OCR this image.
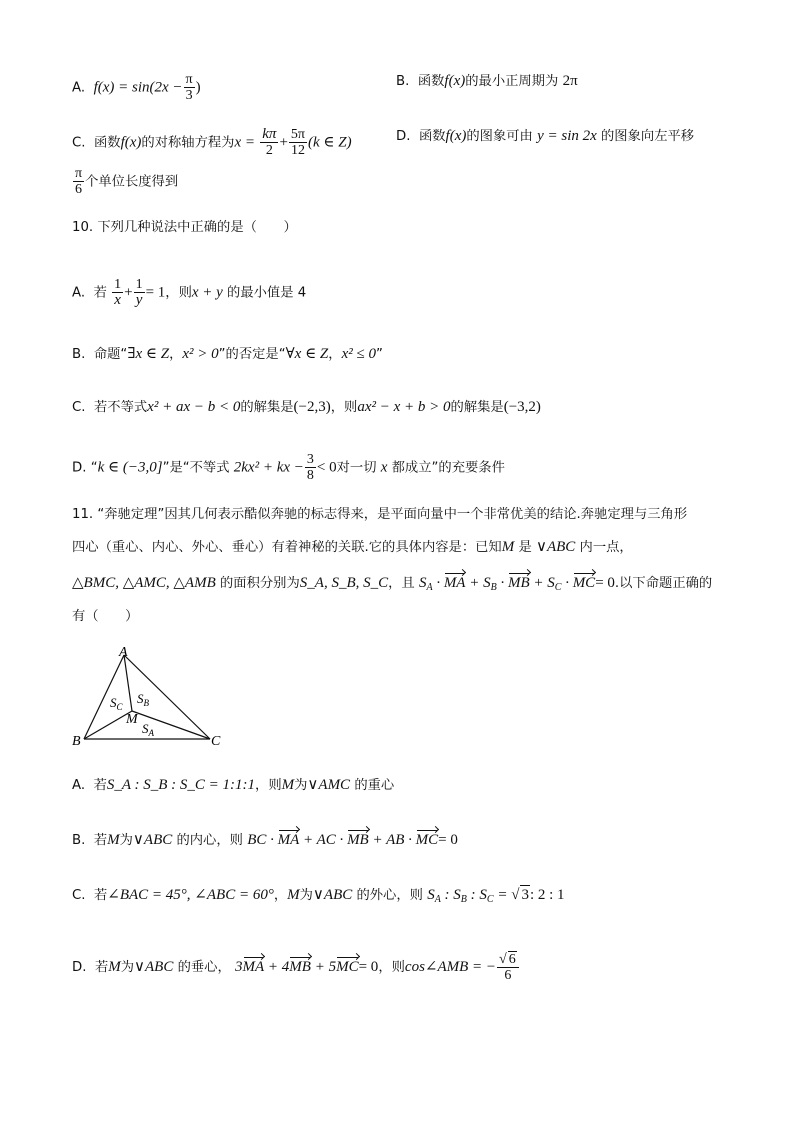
A. $f(x) = \sin(2x - \frac{\pi}{3}$ )	B. 函数f(x)的最小正周期为 2π
C. 函数f(x)的对称轴方程为$x = \frac{k\pi}{2} + \frac{5\pi}{12} (k$ ∈ Z)	D. 函数f(x)的图象可由 y = sin 2x 的图象向左平移
$\frac{\pi}{6}$ 个单位长度得到
10. 下列几种说法中正确的是（　　）
A. 若 $\frac{1}{x} + \frac{1}{y} = 1$，则x + y 的最小值是 4
B. 命题“∃x ∈ Z，x² > 0”的否定是“∀x ∈ Z，x² ≤ 0”
C. 若不等式x² + ax − b < 0的解集是(−2,3)，则ax² − x + b > 0的解集是(−3,2)
D. “k ∈ (−3,0]”是“不等式 2kx² + kx − $\frac{3}{8} < 0$对一切 x 都成立”的充要条件
11. “奔驰定理”因其几何表示酷似奔驰的标志得来，是平面向量中一个非常优美的结论.奔驰定理与三角形
四心（重心、内心、外心、垂心）有着神秘的关联.它的具体内容是：已知M 是 ∨ABC 内一点，
△BMC, △AMC, △AMB 的面积分别为S_A, S_B, S_C，且 $S_A$ · MA + $S_B$ · MB + $S_C \cdot MC= 0$.以下命题正确的
有（　　）
A
B	C
M
$S_C$
$S_B$
$S_A$
A. 若S_A : S_B : S_C = 1:1:1，则M为∨AMC 的重心
B. 若M为∨ABC 的内心，则 BC · MA + AC · MB + AB · MC= 0
C. 若∠BAC = 45°, ∠ABC = 60°，M为∨ABC 的外心，则 $S_A$ : $S_B$ : $S_C$ = √ 3: 2 : 1
D. 若M为∨ABC 的垂心， 3MA + 4MB + 5MC= 0，则cos∠AMB = − $\frac{√ 6}{6}$
